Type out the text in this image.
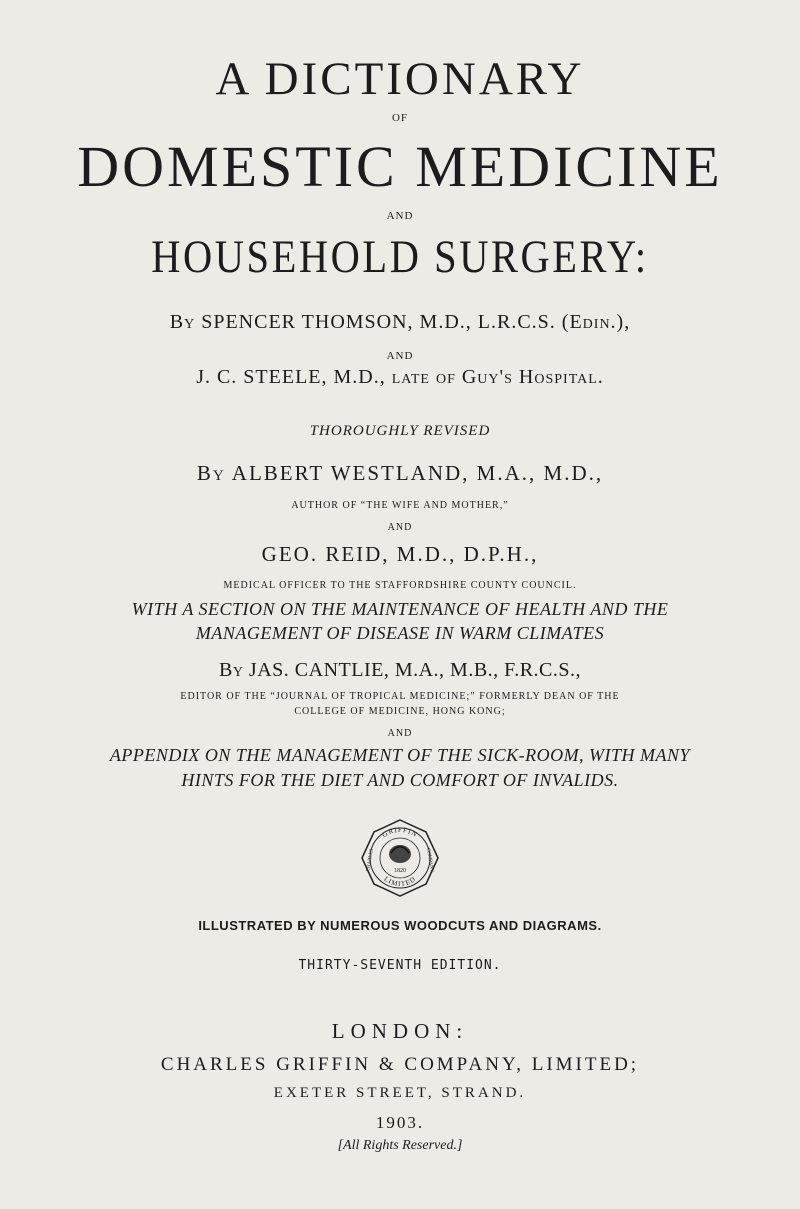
A DICTIONARY
OF
DOMESTIC MEDICINE
AND
HOUSEHOLD SURGERY:
By SPENCER THOMSON, M.D., L.R.C.S. (Edin.),
AND
J. C. STEELE, M.D., late of Guy's Hospital.
THOROUGHLY REVISED
By ALBERT WESTLAND, M.A., M.D.,
AUTHOR OF “THE WIFE AND MOTHER,”
AND
GEO. REID, M.D., D.P.H.,
MEDICAL OFFICER TO THE STAFFORDSHIRE COUNTY COUNCIL.
WITH A SECTION ON THE MAINTENANCE OF HEALTH AND THE
MANAGEMENT OF DISEASE IN WARM CLIMATES
By JAS. CANTLIE, M.A., M.B., F.R.C.S.,
EDITOR OF THE “JOURNAL OF TROPICAL MEDICINE;” FORMERLY DEAN OF THE
COLLEGE OF MEDICINE, HONG KONG;
AND
APPENDIX ON THE MANAGEMENT OF THE SICK-ROOM, WITH MANY
HINTS FOR THE DIET AND COMFORT OF INVALIDS.
GRIFFIN
LIMITED
CHARLES	COMPANY
1820
ILLUSTRATED BY NUMEROUS WOODCUTS AND DIAGRAMS.
THIRTY-SEVENTH EDITION.
LONDON:
CHARLES GRIFFIN & COMPANY, LIMITED;
EXETER STREET, STRAND.
1903.
[All Rights Reserved.]
